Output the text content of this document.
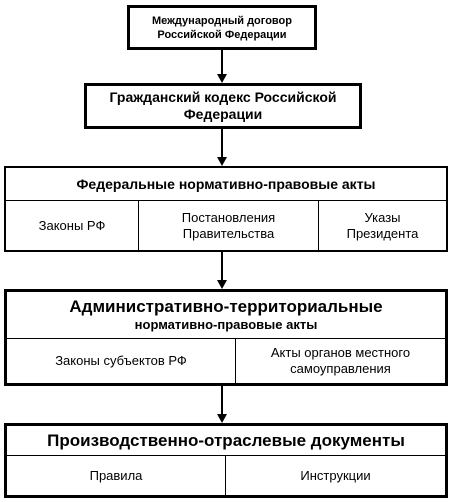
Международный договор
Российской Федерации
Гражданский кодекс Российской
Федерации
Федеральные нормативно-правовые акты
Законы РФ
Постановления
Правительства
Указы
Президента
Административно-территориальные
нормативно-правовые акты
Законы субъектов РФ
Акты органов местного
самоуправления
Производственно-отраслевые документы
Правила	Инструкции
